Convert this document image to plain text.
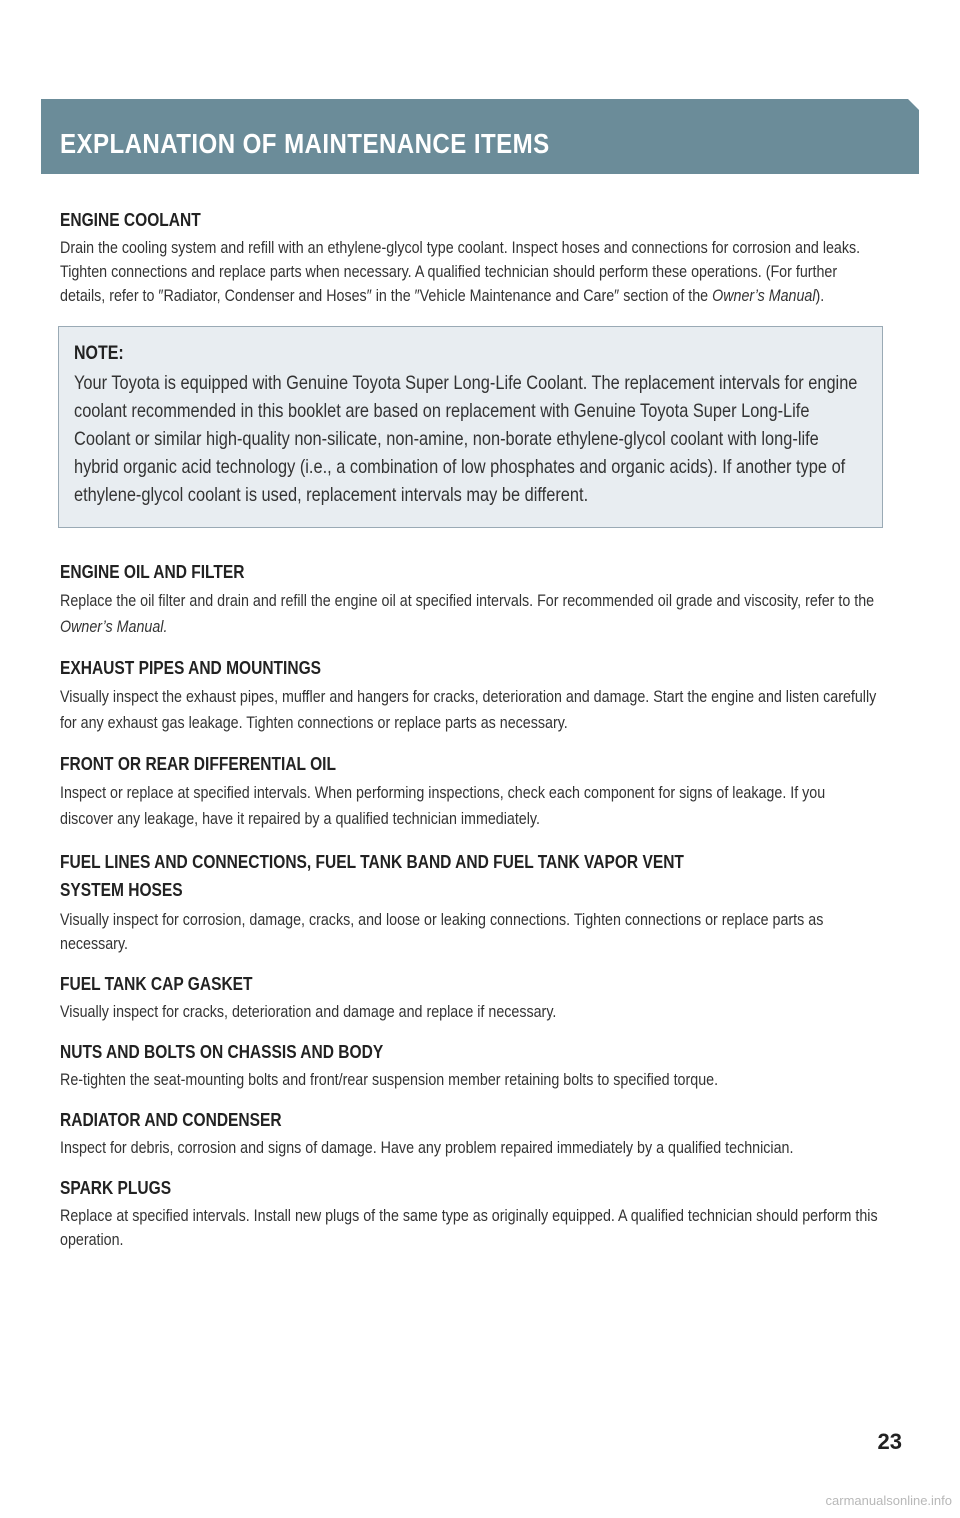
EXPLANATION OF MAINTENANCE ITEMS
ENGINE COOLANT

Drain the cooling system and refill with an ethylene-glycol type coolant. Inspect hoses and connections for corrosion and leaks. Tighten connections and replace parts when necessary. A qualified technician should perform these operations. (For further details, refer to ″Radiator, Condenser and Hoses″ in the ″Vehicle Maintenance and Care″ section of the Owner’s Manual).

NOTE:

Your Toyota is equipped with Genuine Toyota Super Long-Life Coolant. The replacement intervals for engine coolant recommended in this booklet are based on replacement with Genuine Toyota Super Long-Life Coolant or similar high-quality non-silicate, non-amine, non-borate ethylene-glycol coolant with long-life hybrid organic acid technology (i.e., a combination of low phosphates and organic acids). If another type of ethylene-glycol coolant is used, replacement intervals may be different.

ENGINE OIL AND FILTER

Replace the oil filter and drain and refill the engine oil at specified intervals. For recommended oil grade and viscosity, refer to the Owner’s Manual.

EXHAUST PIPES AND MOUNTINGS

Visually inspect the exhaust pipes, muffler and hangers for cracks, deterioration and damage. Start the engine and listen carefully for any exhaust gas leakage. Tighten connections or replace parts as necessary.

FRONT OR REAR DIFFERENTIAL OIL

Inspect or replace at specified intervals. When performing inspections, check each component for signs of leakage. If you discover any leakage, have it repaired by a qualified technician immediately.

FUEL LINES AND CONNECTIONS, FUEL TANK BAND AND FUEL TANK VAPOR VENT
SYSTEM HOSES

Visually inspect for corrosion, damage, cracks, and loose or leaking connections. Tighten connections or replace parts as necessary.

FUEL TANK CAP GASKET

Visually inspect for cracks, deterioration and damage and replace if necessary.

NUTS AND BOLTS ON CHASSIS AND BODY

Re-tighten the seat-mounting bolts and front/rear suspension member retaining bolts to specified torque.

RADIATOR AND CONDENSER

Inspect for debris, corrosion and signs of damage. Have any problem repaired immediately by a qualified technician.

SPARK PLUGS

Replace at specified intervals. Install new plugs of the same type as originally equipped. A qualified technician should perform this operation.

23
carmanualsonline.info
